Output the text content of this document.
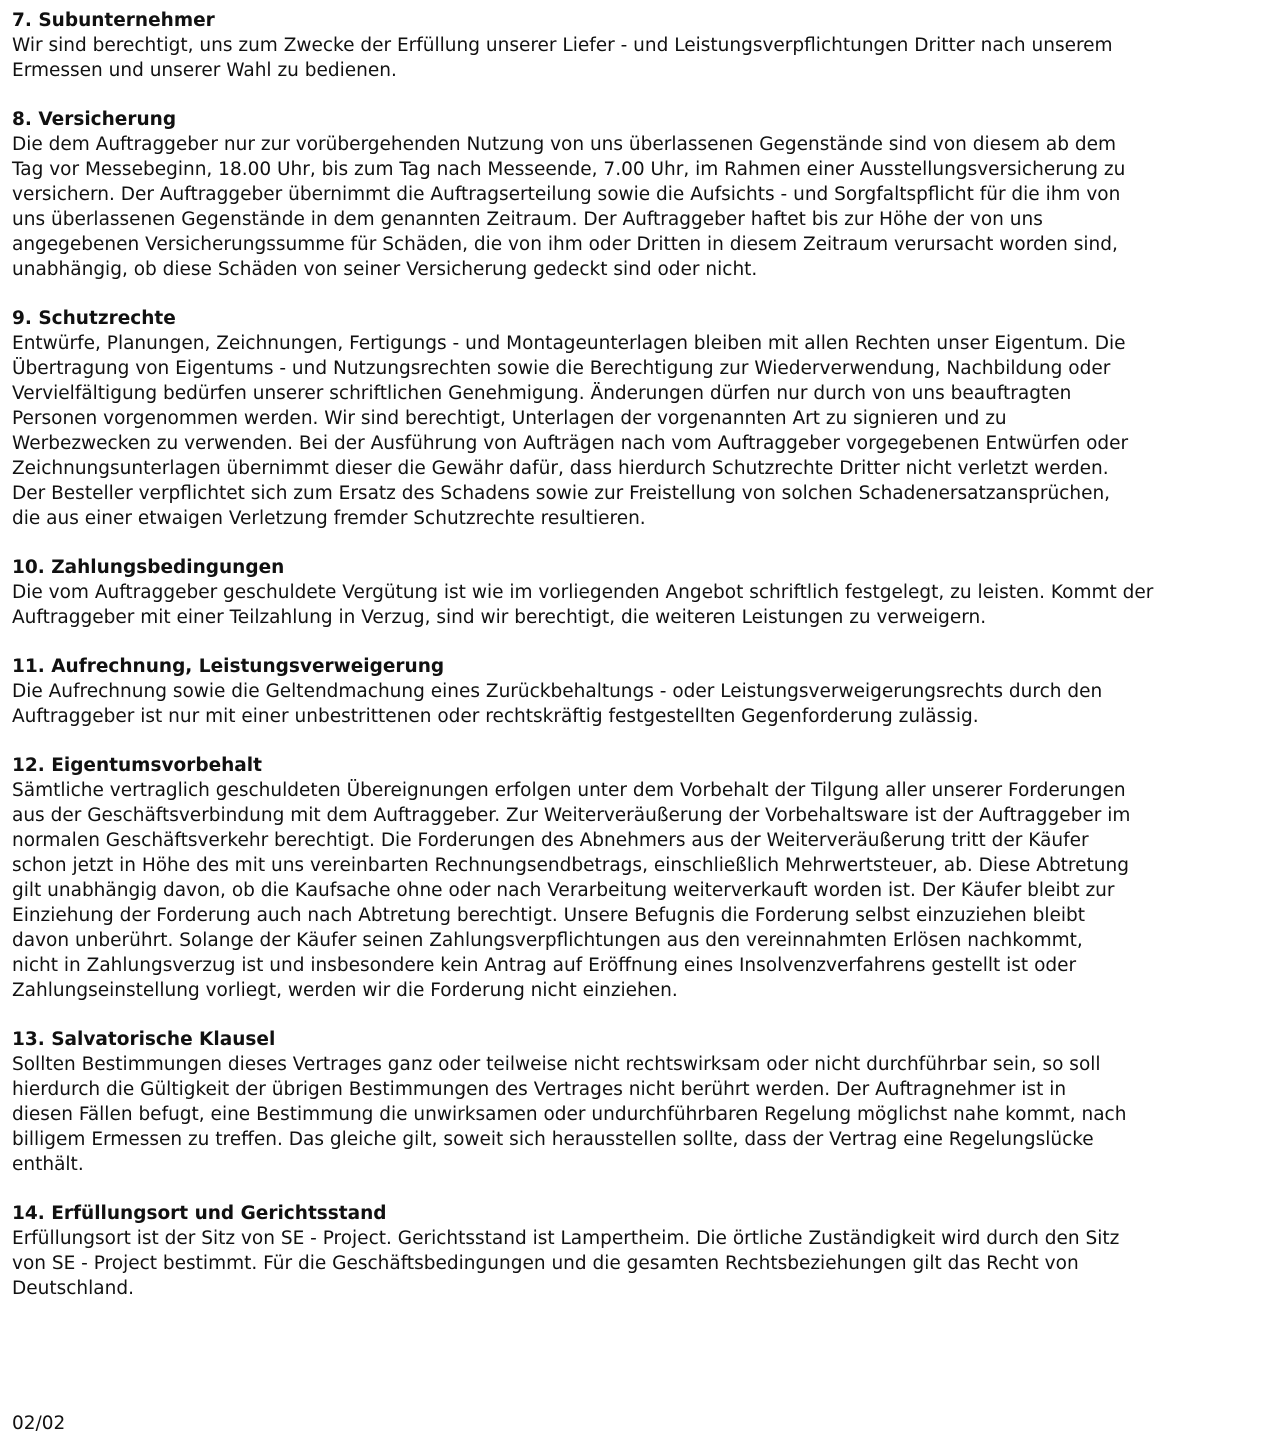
7. Subunternehmer
Wir sind berechtigt, uns zum Zwecke der Erfüllung unserer Liefer - und Leistungsverpflichtungen Dritter nach unserem
Ermessen und unserer Wahl zu bedienen.
8. Versicherung
Die dem Auftraggeber nur zur vorübergehenden Nutzung von uns überlassenen Gegenstände sind von diesem ab dem
Tag vor Messebeginn, 18.00 Uhr, bis zum Tag nach Messeende, 7.00 Uhr, im Rahmen einer Ausstellungsversicherung zu
versichern. Der Auftraggeber übernimmt die Auftragserteilung sowie die Aufsichts - und Sorgfaltspflicht für die ihm von
uns überlassenen Gegenstände in dem genannten Zeitraum. Der Auftraggeber haftet bis zur Höhe der von uns
angegebenen Versicherungssumme für Schäden, die von ihm oder Dritten in diesem Zeitraum verursacht worden sind,
unabhängig, ob diese Schäden von seiner Versicherung gedeckt sind oder nicht.
9. Schutzrechte
Entwürfe, Planungen, Zeichnungen, Fertigungs - und Montageunterlagen bleiben mit allen Rechten unser Eigentum. Die
Übertragung von Eigentums - und Nutzungsrechten sowie die Berechtigung zur Wiederverwendung, Nachbildung oder
Vervielfältigung bedürfen unserer schriftlichen Genehmigung. Änderungen dürfen nur durch von uns beauftragten
Personen vorgenommen werden. Wir sind berechtigt, Unterlagen der vorgenannten Art zu signieren und zu
Werbezwecken zu verwenden. Bei der Ausführung von Aufträgen nach vom Auftraggeber vorgegebenen Entwürfen oder
Zeichnungsunterlagen übernimmt dieser die Gewähr dafür, dass hierdurch Schutzrechte Dritter nicht verletzt werden.
Der Besteller verpflichtet sich zum Ersatz des Schadens sowie zur Freistellung von solchen Schadenersatzansprüchen,
die aus einer etwaigen Verletzung fremder Schutzrechte resultieren.
10. Zahlungsbedingungen
Die vom Auftraggeber geschuldete Vergütung ist wie im vorliegenden Angebot schriftlich festgelegt, zu leisten. Kommt der
Auftraggeber mit einer Teilzahlung in Verzug, sind wir berechtigt, die weiteren Leistungen zu verweigern.
11. Aufrechnung, Leistungsverweigerung
Die Aufrechnung sowie die Geltendmachung eines Zurückbehaltungs - oder Leistungsverweigerungsrechts durch den
Auftraggeber ist nur mit einer unbestrittenen oder rechtskräftig festgestellten Gegenforderung zulässig.
12. Eigentumsvorbehalt
Sämtliche vertraglich geschuldeten Übereignungen erfolgen unter dem Vorbehalt der Tilgung aller unserer Forderungen
aus der Geschäftsverbindung mit dem Auftraggeber. Zur Weiterveräußerung der Vorbehaltsware ist der Auftraggeber im
normalen Geschäftsverkehr berechtigt. Die Forderungen des Abnehmers aus der Weiterveräußerung tritt der Käufer
schon jetzt in Höhe des mit uns vereinbarten Rechnungsendbetrags, einschließlich Mehrwertsteuer, ab. Diese Abtretung
gilt unabhängig davon, ob die Kaufsache ohne oder nach Verarbeitung weiterverkauft worden ist. Der Käufer bleibt zur
Einziehung der Forderung auch nach Abtretung berechtigt. Unsere Befugnis die Forderung selbst einzuziehen bleibt
davon unberührt. Solange der Käufer seinen Zahlungsverpflichtungen aus den vereinnahmten Erlösen nachkommt,
nicht in Zahlungsverzug ist und insbesondere kein Antrag auf Eröffnung eines Insolvenzverfahrens gestellt ist oder
Zahlungseinstellung vorliegt, werden wir die Forderung nicht einziehen.
13. Salvatorische Klausel
Sollten Bestimmungen dieses Vertrages ganz oder teilweise nicht rechtswirksam oder nicht durchführbar sein, so soll
hierdurch die Gültigkeit der übrigen Bestimmungen des Vertrages nicht berührt werden. Der Auftragnehmer ist in
diesen Fällen befugt, eine Bestimmung die unwirksamen oder undurchführbaren Regelung möglichst nahe kommt, nach
billigem Ermessen zu treffen. Das gleiche gilt, soweit sich herausstellen sollte, dass der Vertrag eine Regelungslücke
enthält.
14. Erfüllungsort und Gerichtsstand
Erfüllungsort ist der Sitz von SE - Project. Gerichtsstand ist Lampertheim. Die örtliche Zuständigkeit wird durch den Sitz
von SE - Project bestimmt. Für die Geschäftsbedingungen und die gesamten Rechtsbeziehungen gilt das Recht von
Deutschland.
02/02
